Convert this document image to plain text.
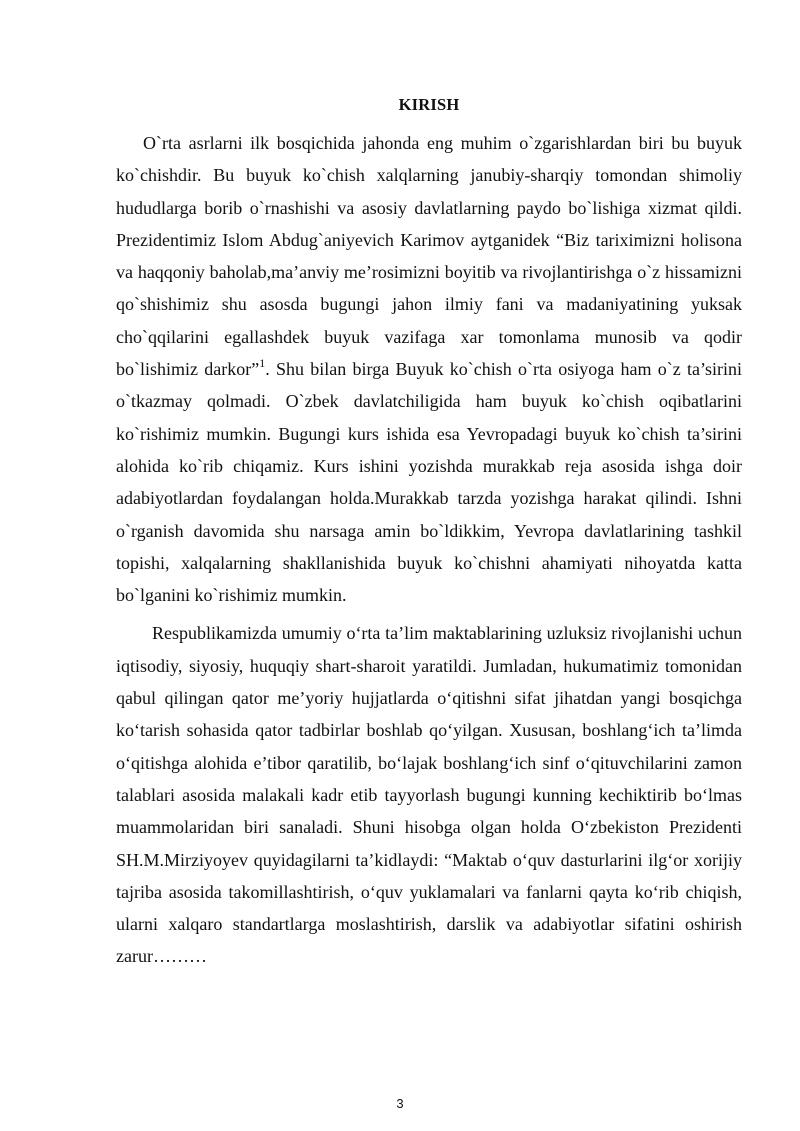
KIRISH

O`rta asrlarni ilk bosqichida jahonda eng muhim o`zgarishlardan biri bu buyuk ko`chishdir. Bu buyuk ko`chish xalqlarning janubiy-sharqiy tomondan shimoliy hududlarga borib o`rnashishi va asosiy davlatlarning paydo bo`lishiga xizmat qildi. Prezidentimiz Islom Abdug`aniyevich Karimov aytganidek “Biz tariximizni holisona va haqqoniy baholab,ma’anviy me’rosimizni boyitib va rivojlantirishga o`z hissamizni qo`shishimiz shu asosda bugungi jahon ilmiy fani va madaniyatining yuksak cho`qqilarini egallashdek buyuk vazifaga xar tomonlama munosib va qodir bo`lishimiz darkor”$^1$. Shu bilan birga Buyuk ko`chish o`rta osiyoga ham o`z ta’sirini o`tkazmay qolmadi. O`zbek davlatchiligida ham buyuk ko`chish oqibatlarini ko`rishimiz mumkin. Bugungi kurs ishida esa Yevropadagi buyuk ko`chish ta’sirini alohida ko`rib chiqamiz. Kurs ishini yozishda murakkab reja asosida ishga doir adabiyotlardan foydalangan holda.Murakkab tarzda yozishga harakat qilindi. Ishni o`rganish davomida shu narsaga amin bo`ldikkim, Yevropa davlatlarining tashkil topishi, xalqalarning shakllanishida buyuk ko`chishni ahamiyati nihoyatda katta bo`lganini ko`rishimiz mumkin.

Respublikamizda umumiy o‘rta ta’lim maktablarining uzluksiz rivojlanishi uchun iqtisodiy, siyosiy, huquqiy shart-sharoit yaratildi. Jumladan, hukumatimiz tomonidan qabul qilingan qator me’yoriy hujjatlarda o‘qitishni sifat jihatdan yangi bosqichga ko‘tarish sohasida qator tadbirlar boshlab qo‘yilgan. Xususan, boshlang‘ich ta’limda o‘qitishga alohida e’tibor qaratilib, bo‘lajak boshlang‘ich sinf o‘qituvchilarini zamon talablari asosida malakali kadr etib tayyorlash bugungi kunning kechiktirib bo‘lmas muammolaridan biri sanaladi. Shuni hisobga olgan holda O‘zbekiston Prezidenti SH.M.Mirziyoyev quyidagilarni ta’kidlaydi: “Maktab o‘quv dasturlarini ilg‘or xorijiy tajriba asosida takomillashtirish, o‘quv yuklamalari va fanlarni qayta ko‘rib chiqish, ularni xalqaro standartlarga moslashtirish, darslik va adabiyotlar sifatini oshirish zarur………

3
